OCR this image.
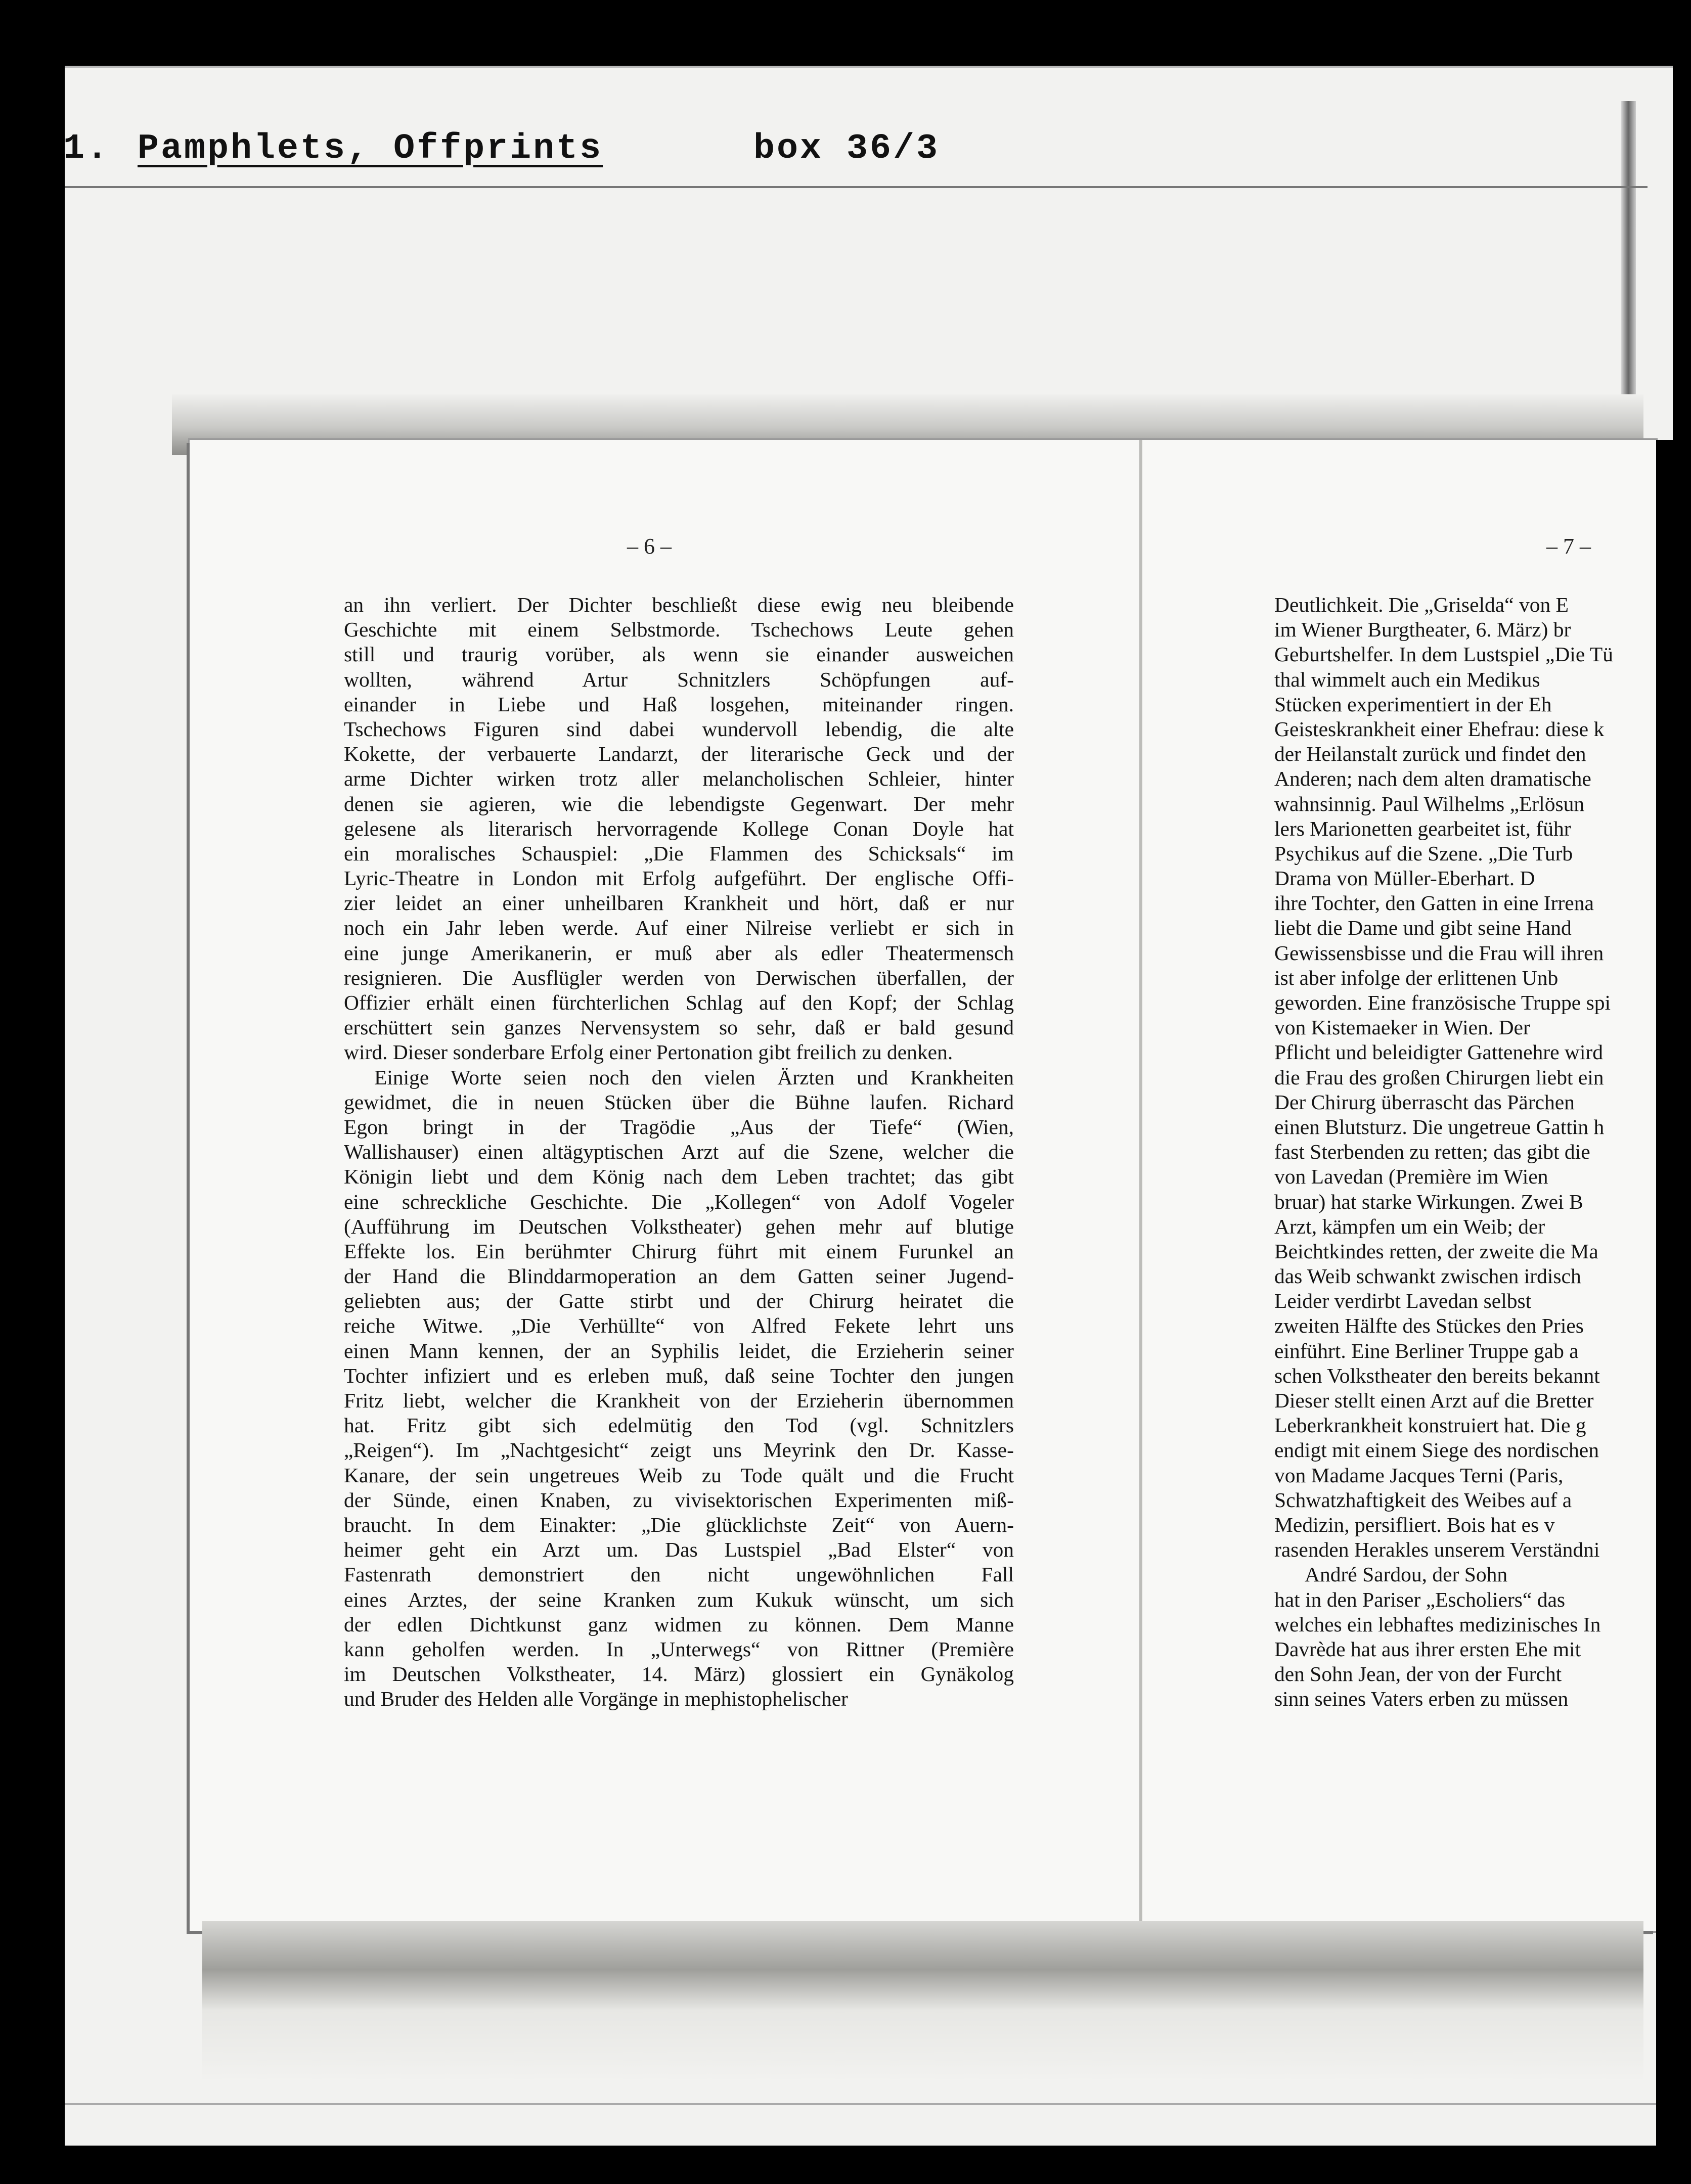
1. Pamphlets, Offprints	box 36/3
– 6 –	– 7 –
an ihn verliert. Der Dichter beschließt diese ewig neu bleibende
Geschichte mit einem Selbstmorde. Tschechows Leute gehen
still und traurig vorüber, als wenn sie einander ausweichen
wollten, während Artur Schnitzlers Schöpfungen auf-
einander in Liebe und Haß losgehen, miteinander ringen.
Tschechows Figuren sind dabei wundervoll lebendig, die alte
Kokette, der verbauerte Landarzt, der literarische Geck und der
arme Dichter wirken trotz aller melancholischen Schleier, hinter
denen sie agieren, wie die lebendigste Gegenwart. Der mehr
gelesene als literarisch hervorragende Kollege Conan Doyle hat
ein moralisches Schauspiel: „Die Flammen des Schicksals“ im
Lyric-Theatre in London mit Erfolg aufgeführt. Der englische Offi-
zier leidet an einer unheilbaren Krankheit und hört, daß er nur
noch ein Jahr leben werde. Auf einer Nilreise verliebt er sich in
eine junge Amerikanerin, er muß aber als edler Theatermensch
resignieren. Die Ausflügler werden von Derwischen überfallen, der
Offizier erhält einen fürchterlichen Schlag auf den Kopf; der Schlag
erschüttert sein ganzes Nervensystem so sehr, daß er bald gesund
wird. Dieser sonderbare Erfolg einer Pertonation gibt freilich zu denken.
Einige Worte seien noch den vielen Ärzten und Krankheiten
gewidmet, die in neuen Stücken über die Bühne laufen. Richard
Egon bringt in der Tragödie „Aus der Tiefe“ (Wien,
Wallishauser) einen altägyptischen Arzt auf die Szene, welcher die
Königin liebt und dem König nach dem Leben trachtet; das gibt
eine schreckliche Geschichte. Die „Kollegen“ von Adolf Vogeler
(Aufführung im Deutschen Volkstheater) gehen mehr auf blutige
Effekte los. Ein berühmter Chirurg führt mit einem Furunkel an
der Hand die Blinddarmoperation an dem Gatten seiner Jugend-
geliebten aus; der Gatte stirbt und der Chirurg heiratet die
reiche Witwe. „Die Verhüllte“ von Alfred Fekete lehrt uns
einen Mann kennen, der an Syphilis leidet, die Erzieherin seiner
Tochter infiziert und es erleben muß, daß seine Tochter den jungen
Fritz liebt, welcher die Krankheit von der Erzieherin übernommen
hat. Fritz gibt sich edelmütig den Tod (vgl. Schnitzlers
„Reigen“). Im „Nachtgesicht“ zeigt uns Meyrink den Dr. Kasse-
Kanare, der sein ungetreues Weib zu Tode quält und die Frucht
der Sünde, einen Knaben, zu vivisektorischen Experimenten miß-
braucht. In dem Einakter: „Die glücklichste Zeit“ von Auern-
heimer geht ein Arzt um. Das Lustspiel „Bad Elster“ von
Fastenrath demonstriert den nicht ungewöhnlichen Fall
eines Arztes, der seine Kranken zum Kukuk wünscht, um sich
der edlen Dichtkunst ganz widmen zu können. Dem Manne
kann geholfen werden. In „Unterwegs“ von Rittner (Première
im Deutschen Volkstheater, 14. März) glossiert ein Gynäkolog
und Bruder des Helden alle Vorgänge in mephistophelischer
Deutlichkeit. Die „Griselda“ von E
im Wiener Burgtheater, 6. März) br
Geburtshelfer. In dem Lustspiel „Die Tü
thal wimmelt auch ein Medikus
Stücken experimentiert in der Eh
Geisteskrankheit einer Ehefrau: diese k
der Heilanstalt zurück und findet den
Anderen; nach dem alten dramatische
wahnsinnig. Paul Wilhelms „Erlösun
lers Marionetten gearbeitet ist, führ
Psychikus auf die Szene. „Die Turb
Drama von Müller-Eberhart. D
ihre Tochter, den Gatten in eine Irrena
liebt die Dame und gibt seine Hand
Gewissensbisse und die Frau will ihren
ist aber infolge der erlittenen Unb
geworden. Eine französische Truppe spi
von Kistemaeker in Wien. Der
Pflicht und beleidigter Gattenehre wird
die Frau des großen Chirurgen liebt ein
Der Chirurg überrascht das Pärchen
einen Blutsturz. Die ungetreue Gattin h
fast Sterbenden zu retten; das gibt die
von Lavedan (Première im Wien
bruar) hat starke Wirkungen. Zwei B
Arzt, kämpfen um ein Weib; der
Beichtkindes retten, der zweite die Ma
das Weib schwankt zwischen irdisch
Leider verdirbt Lavedan selbst
zweiten Hälfte des Stückes den Pries
einführt. Eine Berliner Truppe gab a
schen Volkstheater den bereits bekannt
Dieser stellt einen Arzt auf die Bretter
Leberkrankheit konstruiert hat. Die g
endigt mit einem Siege des nordischen
von Madame Jacques Terni (Paris,
Schwatzhaftigkeit des Weibes auf a
Medizin, persifliert. Bois hat es v
rasenden Herakles unserem Verständni
André Sardou, der Sohn
hat in den Pariser „Escholiers“ das
welches ein lebhaftes medizinisches In
Davrède hat aus ihrer ersten Ehe mit
den Sohn Jean, der von der Furcht
sinn seines Vaters erben zu müssen
